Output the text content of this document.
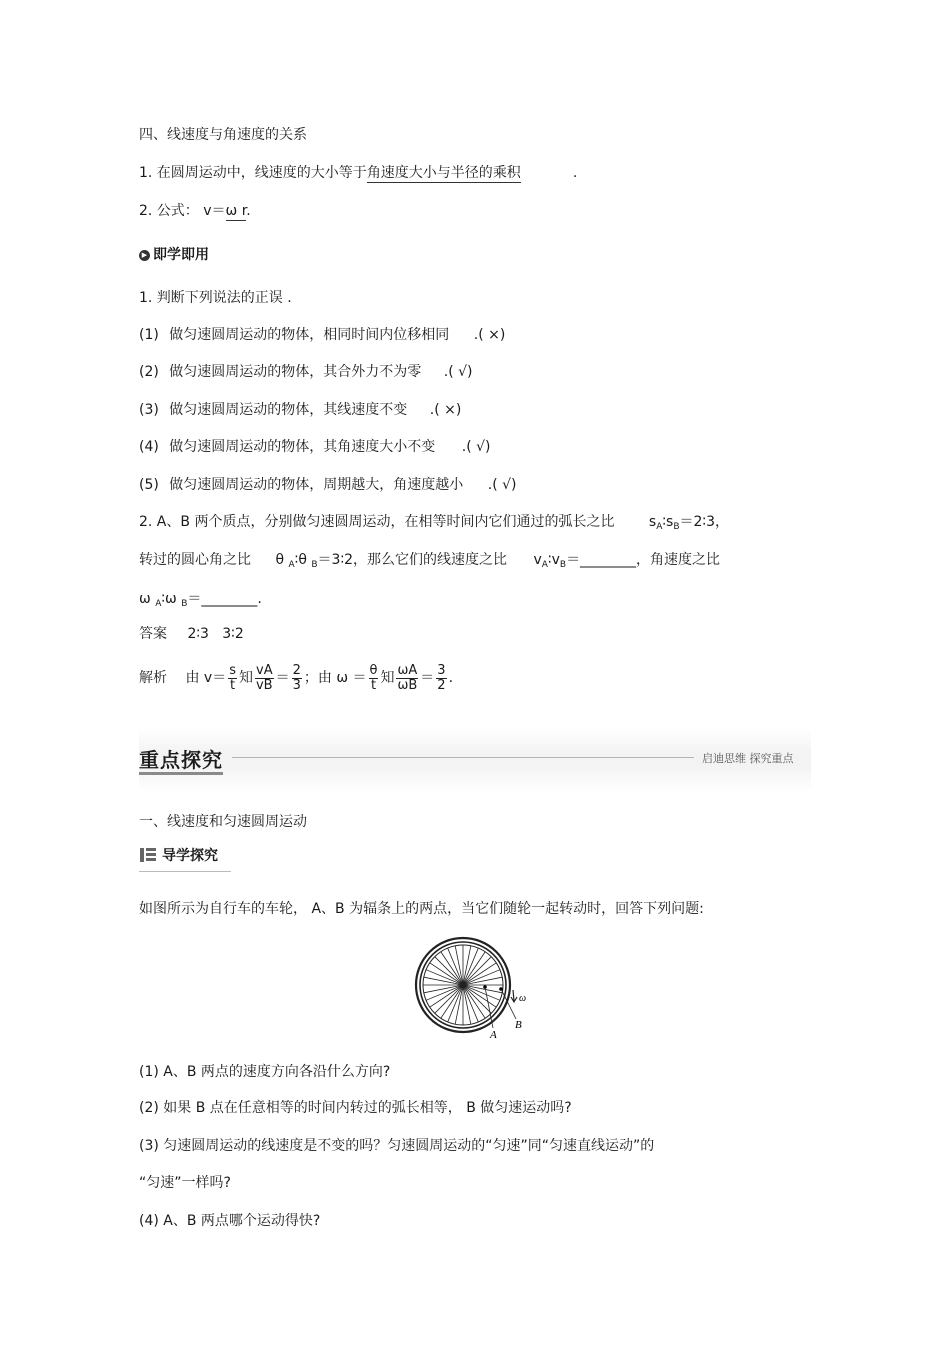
四、线速度与角速度的关系
1. 在圆周运动中，线速度的大小等于角速度大小与半径的乘积	.
2. 公式： v＝ω r.
▶ 即学即用
1. 判断下列说法的正误 .
(1) 做匀速圆周运动的物体，相同时间内位移相同 .( ×)
(2) 做匀速圆周运动的物体，其合外力不为零 .( √)
(3) 做匀速圆周运动的物体，其线速度不变 .( ×)
(4) 做匀速圆周运动的物体，其角速度大小不变 .( √)
(5) 做匀速圆周运动的物体，周期越大，角速度越小 .( √)
2. A、B 两个质点，分别做匀速圆周运动，在相等时间内它们通过的弧长之比 $s_A∶s_B=2∶3$，
转过的圆心角之比 θ $_A$∶θ $_B$＝3∶2，那么它们的线速度之比 $v_A∶v_B=\_\_\_\_\_\_\_\_$，角速度之比
ω $_A$∶ω $_B$＝________.
答案 2∶3   3∶2
解析 由 $v= \frac{s}{t}$ 知 $\frac{vA}{vB} = \frac{2}{3}$ ；由 $\omega = \frac{\theta}{t}$ 知 $\frac{\omega A}{\omega B} = \frac{3}{2}$ .
重点探究	启迪思维 探究重点
一、线速度和匀速圆周运动
导学探究
如图所示为自行车的车轮， A、B 为辐条上的两点，当它们随轮一起转动时，回答下列问题:
A
B
ω
(1) A、B 两点的速度方向各沿什么方向?
(2) 如果 B 点在任意相等的时间内转过的弧长相等， B 做匀速运动吗?
(3) 匀速圆周运动的线速度是不变的吗？匀速圆周运动的“匀速”同“匀速直线运动”的
“匀速”一样吗?
(4) A、B 两点哪个运动得快?
